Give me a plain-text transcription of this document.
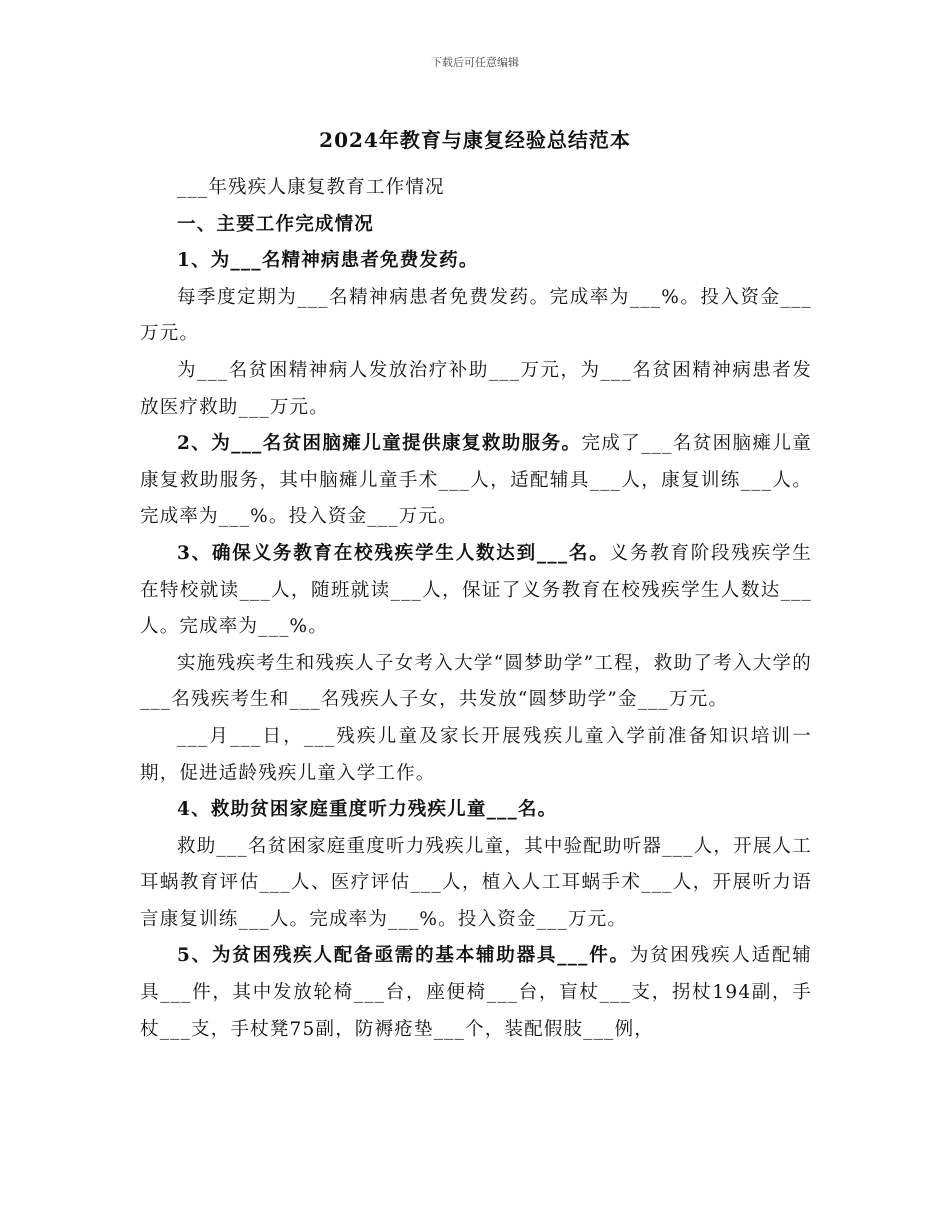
下载后可任意编辑
2024年教育与康复经验总结范本

___年残疾人康复教育工作情况

一、主要工作完成情况

1、为___名精神病患者免费发药。

每季度定期为___名精神病患者免费发药。完成率为___%。投入资金___万元。

为___名贫困精神病人发放治疗补助___万元，为___名贫困精神病患者发放医疗救助___万元。

2、为___名贫困脑瘫儿童提供康复救助服务。完成了___名贫困脑瘫儿童康复救助服务，其中脑瘫儿童手术___人，适配辅具___人，康复训练___人。完成率为___%。投入资金___万元。

3、确保义务教育在校残疾学生人数达到___名。义务教育阶段残疾学生在特校就读___人，随班就读___人，保证了义务教育在校残疾学生人数达___人。完成率为___%。

实施残疾考生和残疾人子女考入大学“圆梦助学”工程，救助了考入大学的___名残疾考生和___名残疾人子女，共发放“圆梦助学”金___万元。

___月___日，___残疾儿童及家长开展残疾儿童入学前准备知识培训一期，促进适龄残疾儿童入学工作。

4、救助贫困家庭重度听力残疾儿童___名。

救助___名贫困家庭重度听力残疾儿童，其中验配助听器___人，开展人工耳蜗教育评估___人、医疗评估___人，植入人工耳蜗手术___人，开展听力语言康复训练___人。完成率为___%。投入资金___万元。

5、为贫困残疾人配备亟需的基本辅助器具___件。为贫困残疾人适配辅具___件，其中发放轮椅___台，座便椅___台，盲杖___支，拐杖194副，手杖___支，手杖凳75副，防褥疮垫___个，装配假肢___例，
